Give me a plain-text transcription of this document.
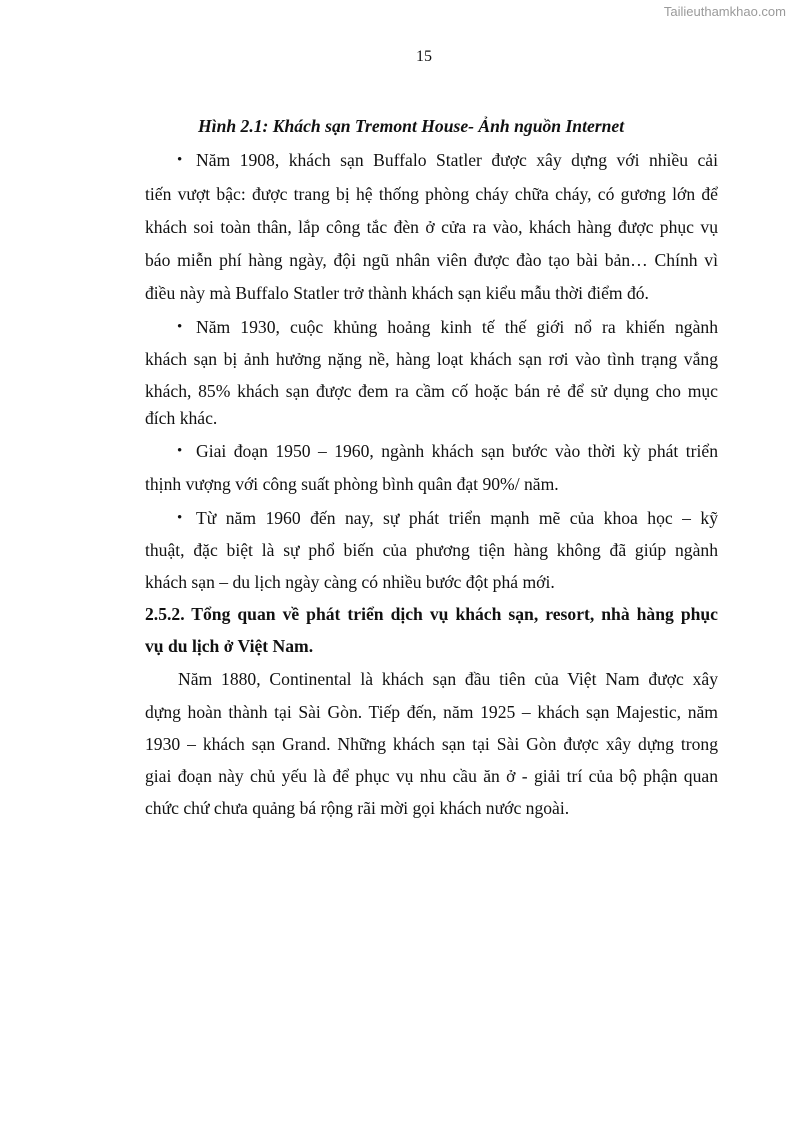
Tailieuthamkhao.com
15
Hình 2.1: Khách sạn Tremont House- Ảnh nguồn Internet
• Năm 1908, khách sạn Buffalo Statler được xây dựng với nhiều cải
tiến vượt bậc: được trang bị hệ thống phòng cháy chữa cháy, có gương lớn để
khách soi toàn thân, lắp công tắc đèn ở cửa ra vào, khách hàng được phục vụ
báo miễn phí hàng ngày, đội ngũ nhân viên được đào tạo bài bản… Chính vì
điều này mà Buffalo Statler trở thành khách sạn kiểu mẫu thời điểm đó.
• Năm 1930, cuộc khủng hoảng kinh tế thế giới nổ ra khiến ngành
khách sạn bị ảnh hưởng nặng nề, hàng loạt khách sạn rơi vào tình trạng vắng
khách, 85% khách sạn được đem ra cầm cố hoặc bán rẻ để sử dụng cho mục
đích khác.
• Giai đoạn 1950 – 1960, ngành khách sạn bước vào thời kỳ phát triển
thịnh vượng với công suất phòng bình quân đạt 90%/ năm.
• Từ năm 1960 đến nay, sự phát triển mạnh mẽ của khoa học – kỹ
thuật, đặc biệt là sự phổ biến của phương tiện hàng không đã giúp ngành
khách sạn – du lịch ngày càng có nhiều bước đột phá mới.
2.5.2. Tổng quan về phát triển dịch vụ khách sạn, resort, nhà hàng phục
vụ du lịch ở Việt Nam.
Năm 1880, Continental là khách sạn đầu tiên của Việt Nam được xây
dựng hoàn thành tại Sài Gòn. Tiếp đến, năm 1925 – khách sạn Majestic, năm
1930 – khách sạn Grand. Những khách sạn tại Sài Gòn được xây dựng trong
giai đoạn này chủ yếu là để phục vụ nhu cầu ăn ở - giải trí của bộ phận quan
chức chứ chưa quảng bá rộng rãi mời gọi khách nước ngoài.
